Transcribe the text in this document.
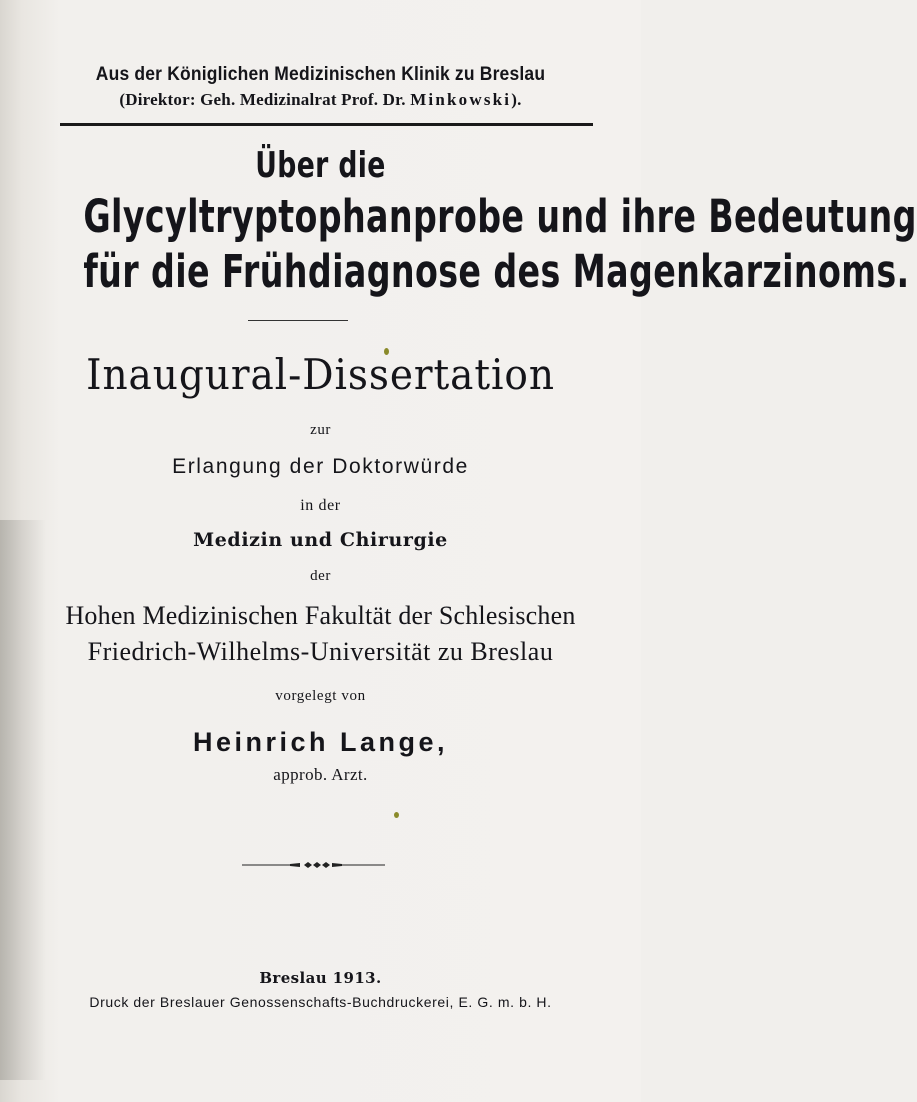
Aus der Königlichen Medizinischen Klinik zu Breslau
(Direktor: Geh. Medizinalrat Prof. Dr. Minkowski).
Über die
Glycyltryptophanprobe und ihre Bedeutung
für die Frühdiagnose des Magenkarzinoms.
Inaugural-Dissertation
zur
Erlangung der Doktorwürde
in der
Medizin und Chirurgie
der
Hohen Medizinischen Fakultät der Schlesischen
Friedrich-Wilhelms-Universität zu Breslau
vorgelegt von
Heinrich Lange,
approb. Arzt.
Breslau 1913.
Druck der Breslauer Genossenschafts-Buchdruckerei, E. G. m. b. H.
